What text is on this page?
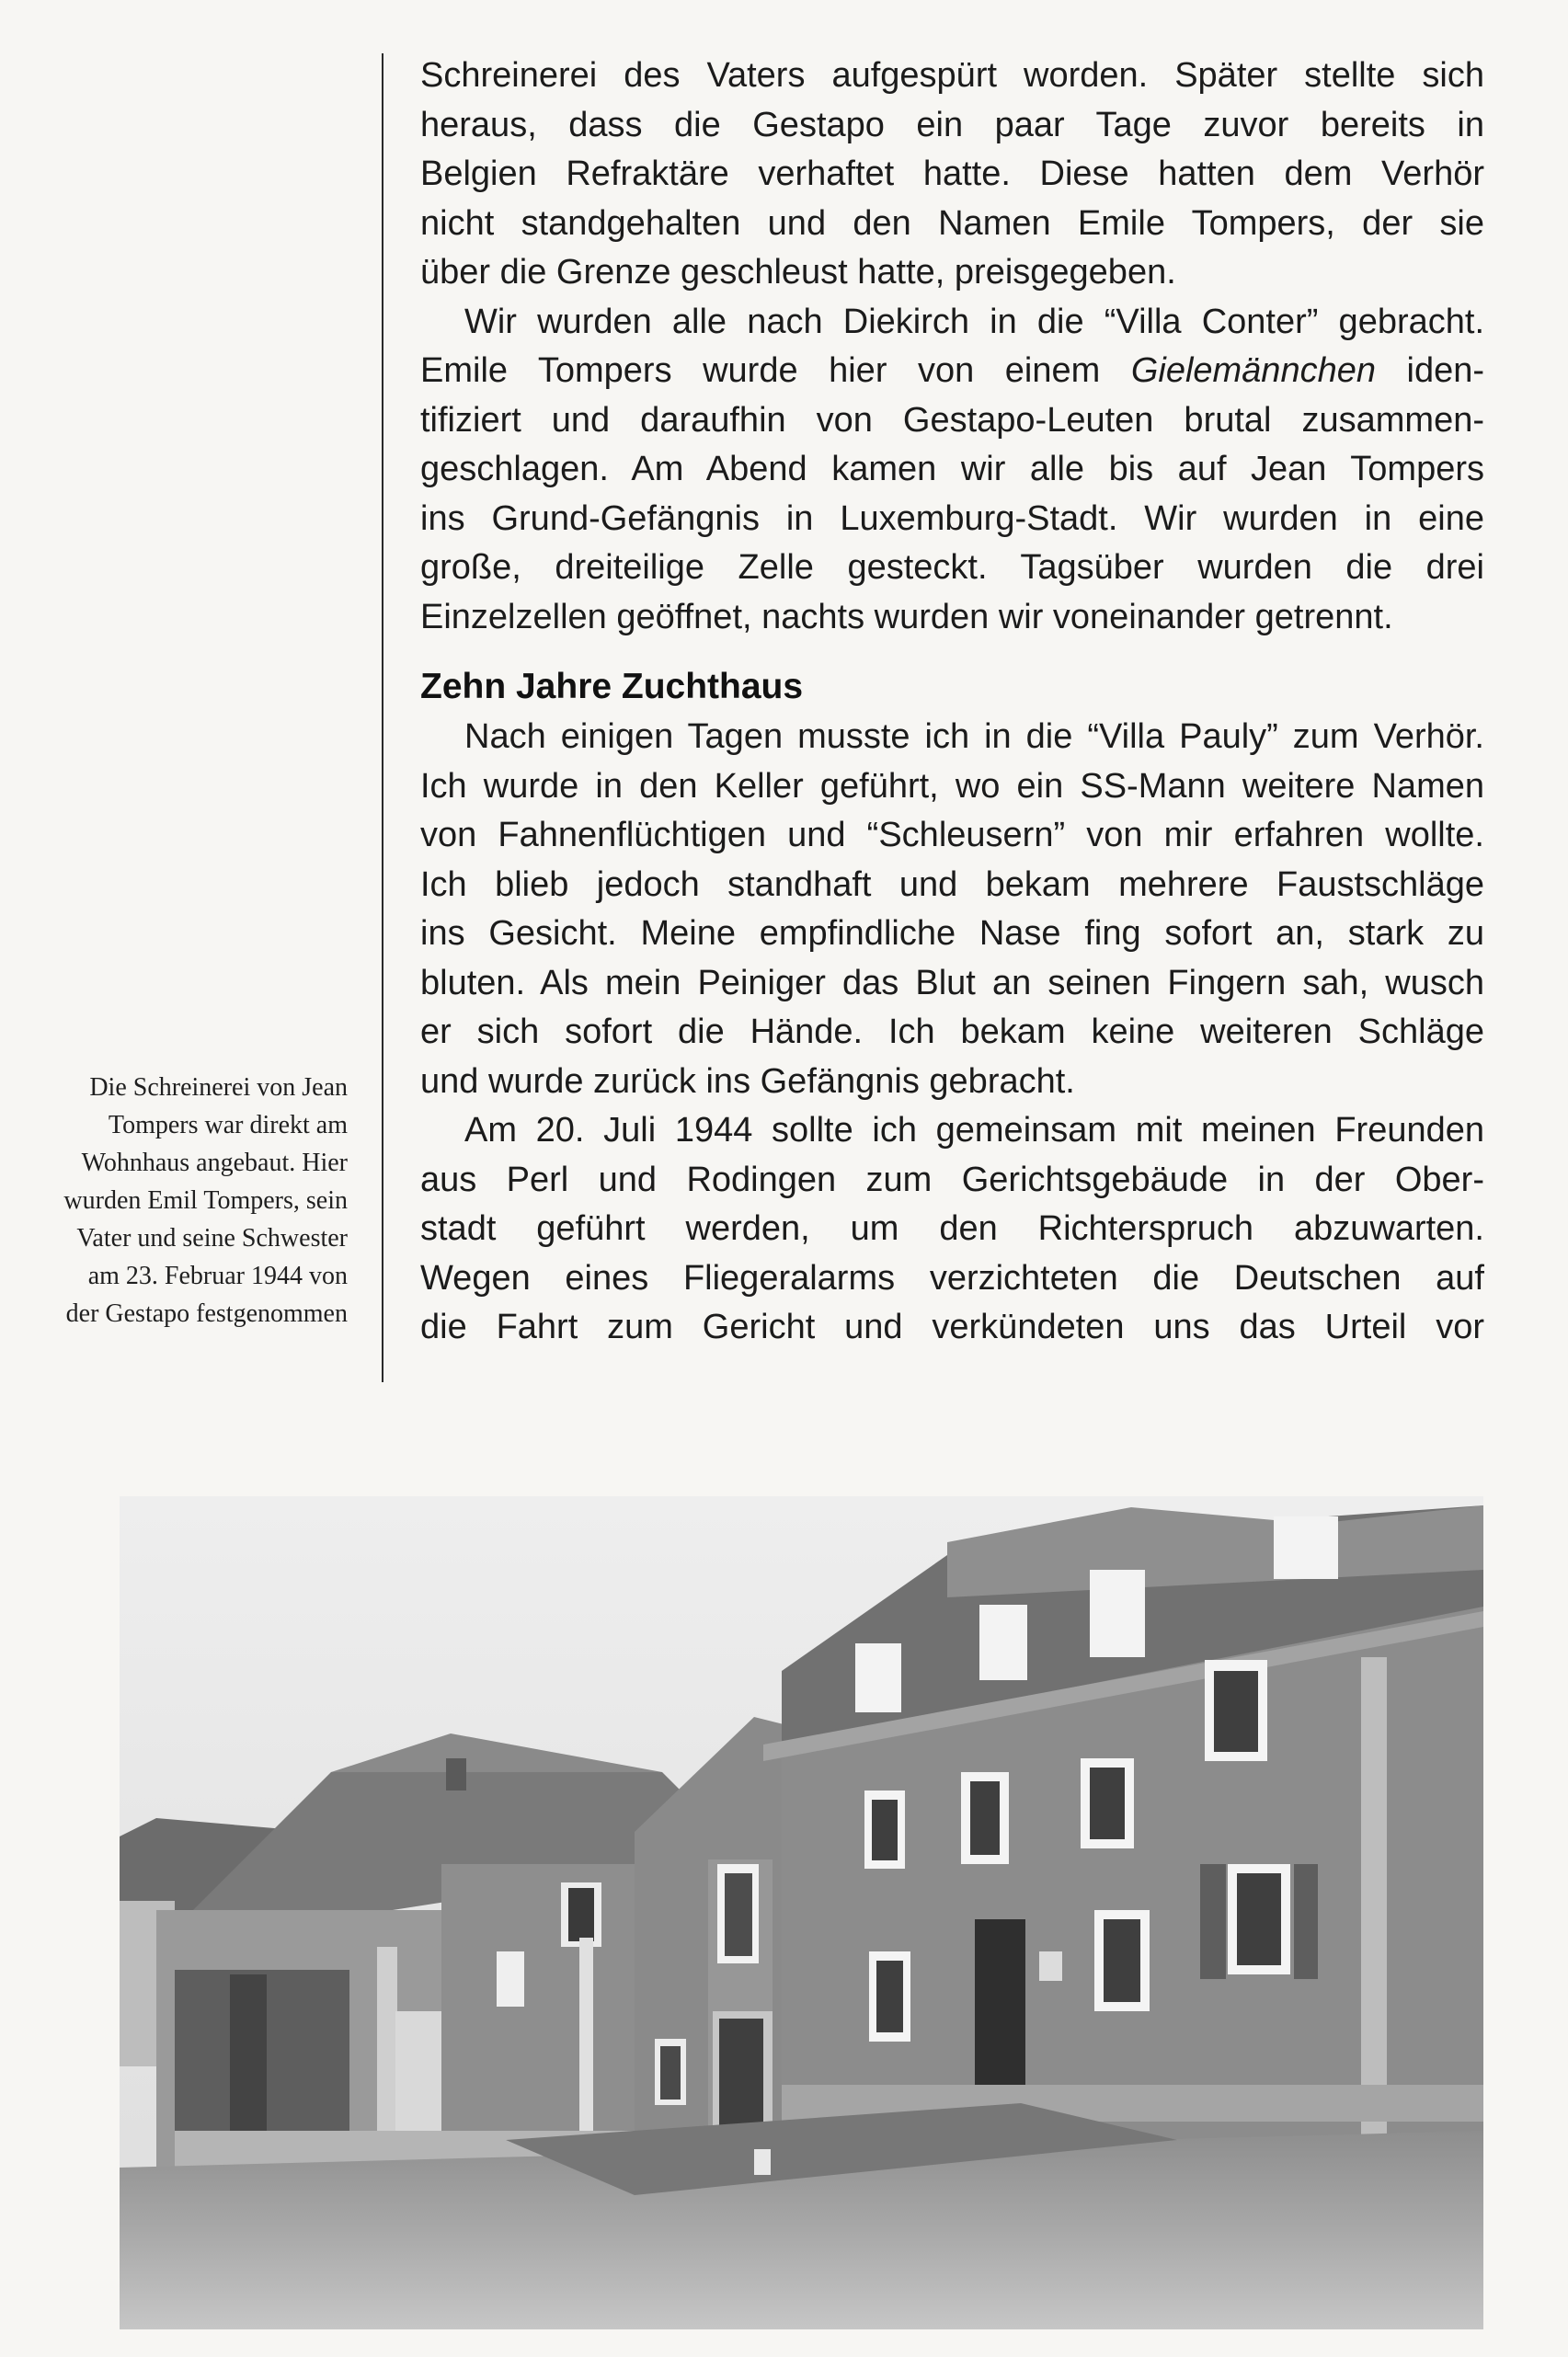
Die Schreinerei von Jean
Tompers war direkt am
Wohnhaus angebaut. Hier
wurden Emil Tompers, sein
Vater und seine Schwester
am 23. Februar 1944 von
der Gestapo festgenommen
Schreinerei des Vaters aufgespürt worden. Später stellte sich
heraus, dass die Gestapo ein paar Tage zuvor bereits in
Belgien Refraktäre verhaftet hatte. Diese hatten dem Verhör
nicht standgehalten und den Namen Emile Tompers, der sie
über die Grenze geschleust hatte, preisgegeben.
Wir wurden alle nach Diekirch in die “Villa Conter” gebracht.
Emile Tompers wurde hier von einem Gielemännchen iden-
tifiziert und daraufhin von Gestapo-Leuten brutal zusammen-
geschlagen. Am Abend kamen wir alle bis auf Jean Tompers
ins Grund-Gefängnis in Luxemburg-Stadt. Wir wurden in eine
große, dreiteilige Zelle gesteckt. Tagsüber wurden die drei
Einzelzellen geöffnet, nachts wurden wir voneinander getrennt.
Zehn Jahre Zuchthaus
Nach einigen Tagen musste ich in die “Villa Pauly” zum Verhör.
Ich wurde in den Keller geführt, wo ein SS-Mann weitere Namen
von Fahnenflüchtigen und “Schleusern” von mir erfahren wollte.
Ich blieb jedoch standhaft und bekam mehrere Faustschläge
ins Gesicht. Meine empfindliche Nase fing sofort an, stark zu
bluten. Als mein Peiniger das Blut an seinen Fingern sah, wusch
er sich sofort die Hände. Ich bekam keine weiteren Schläge
und wurde zurück ins Gefängnis gebracht.
Am 20. Juli 1944 sollte ich gemeinsam mit meinen Freunden
aus Perl und Rodingen zum Gerichtsgebäude in der Ober-
stadt geführt werden, um den Richterspruch abzuwarten.
Wegen eines Fliegeralarms verzichteten die Deutschen auf
die Fahrt zum Gericht und verkündeten uns das Urteil vor
